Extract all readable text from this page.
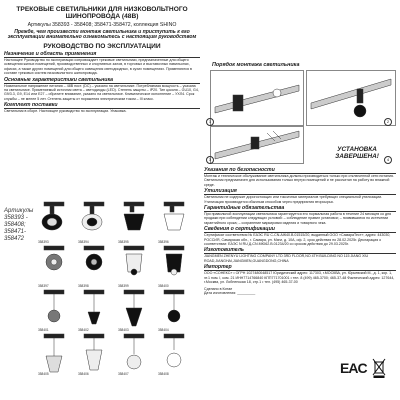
ТРЕКОВЫЕ СВЕТИЛЬНИКИ ДЛЯ НИЗКОВОЛЬТНОГО ШИНОПРОВОДА (48В)
Артикулы 358393 - 358408; 358471-358472, коллекция SHINO
Прежде, чем произвести монтаж светильника и приступить к его эксплуатации внимательно ознакомьтесь с настоящим руководством
РУКОВОДСТВО ПО ЭКСПЛУАТАЦИИ
Назначение и область применения
Настоящее Руководство по эксплуатации сопровождает трековые светильники, предназначенные для общего освещения жилых помещений, производственных и спортивных залов, в торговых и выставочных павильонах, офисах, а также других помещений для общего освещения светодиодных, в сухих помещениях. Применяются в составе трековых систем низковольтного шинопровода.
Основные характеристики светильника
Номинальное напряжение питания – 48В пост. (DC) – указано на светильнике. Потребляемая мощность – указана на светильнике. Применяемый источник света – светодиоды (LED). Степень защиты – IP20. Тип цоколя – GU10, G4, G9/3.3, G9, E14 или E27 – обратите внимание, указано на светильнике. Климатическое исполнение – УХЛ4. Срок службы – не менее 5 лет. Степень защиты от поражения электрическим током – III класс.
Комплект поставки
Светильник в сборе. Настоящее руководство по эксплуатации. Упаковка.
Артикулы 358393 - 358408; 358471- 358472
Порядок монтажа светильника
1	2
3
УСТАНОВКА ЗАВЕРШЕНА!	4
Указания по безопасности
Монтаж и техническое обслуживание светильника должны производиться только при отключенной сети питания. Светильник предназначен для использования только внутри помещений и не рассчитан на работу во влажной среде.
Утилизация
Светильник не содержит дорогостоящих или токсичных материалов требующих специальной утилизации. Утилизация производится обычным способом через предприятия вторсырья.
Гарантийные обязательства
При правильной эксплуатации светильника гарантируется его нормальная работа в течение 24 месяцев со дня продажи при соблюдении следующих условий: – соблюдение правил установки; – появившиеся по истечении гарантийного срока; – сохранение маркировки изделия и товарного чека.
Сведения о сертификации
Сертификат соответствия № ЕАЭС RU C-CN.АЖ40.В.01515/20, выданный ООО «СамараТест», адрес: 443030, РОССИЯ, Самарская обл., г. Самара, ул. Мяги, д. 10А, оф. 2, срок действия по 28.02.2025г. Декларация о соответствии: ЕАЭС N RU Д-CN.МЮ62.В.01234/20 со сроком действия до 29.03.2025г.
Изготовитель
JIANGMEN ZHENYU LIGHTING COMPANY LTD 3RD FLOOR,NO 4TH BUILDING NO 115 JIANG XIU ROAD,JIANGHAI,JIANGMEN,GUANGDONG,CHINA
Импортер
ООО «СОНЕКС» • ОГРН 1027480048517 Юридический адрес: 117303, г.МОСКВА, ул. Юрьевский М., д. 1, кор. 1, эт.1 пом. I, ком. 21 ИНН7714766840 КПП771701001 • тел. 8 (499) 465-3700; 465-37-48 Фактический адрес: 127644, г.Москва, ул. Лобненская 18, стр.1 • тел. (495) 465-37-00
Сделано в Китае
Дата изготовления: _________
EAC
358393	358394	358395	358396
358397	358398	358399	358400
358401	358402	358403	358404
358405	358406	358407	358408
